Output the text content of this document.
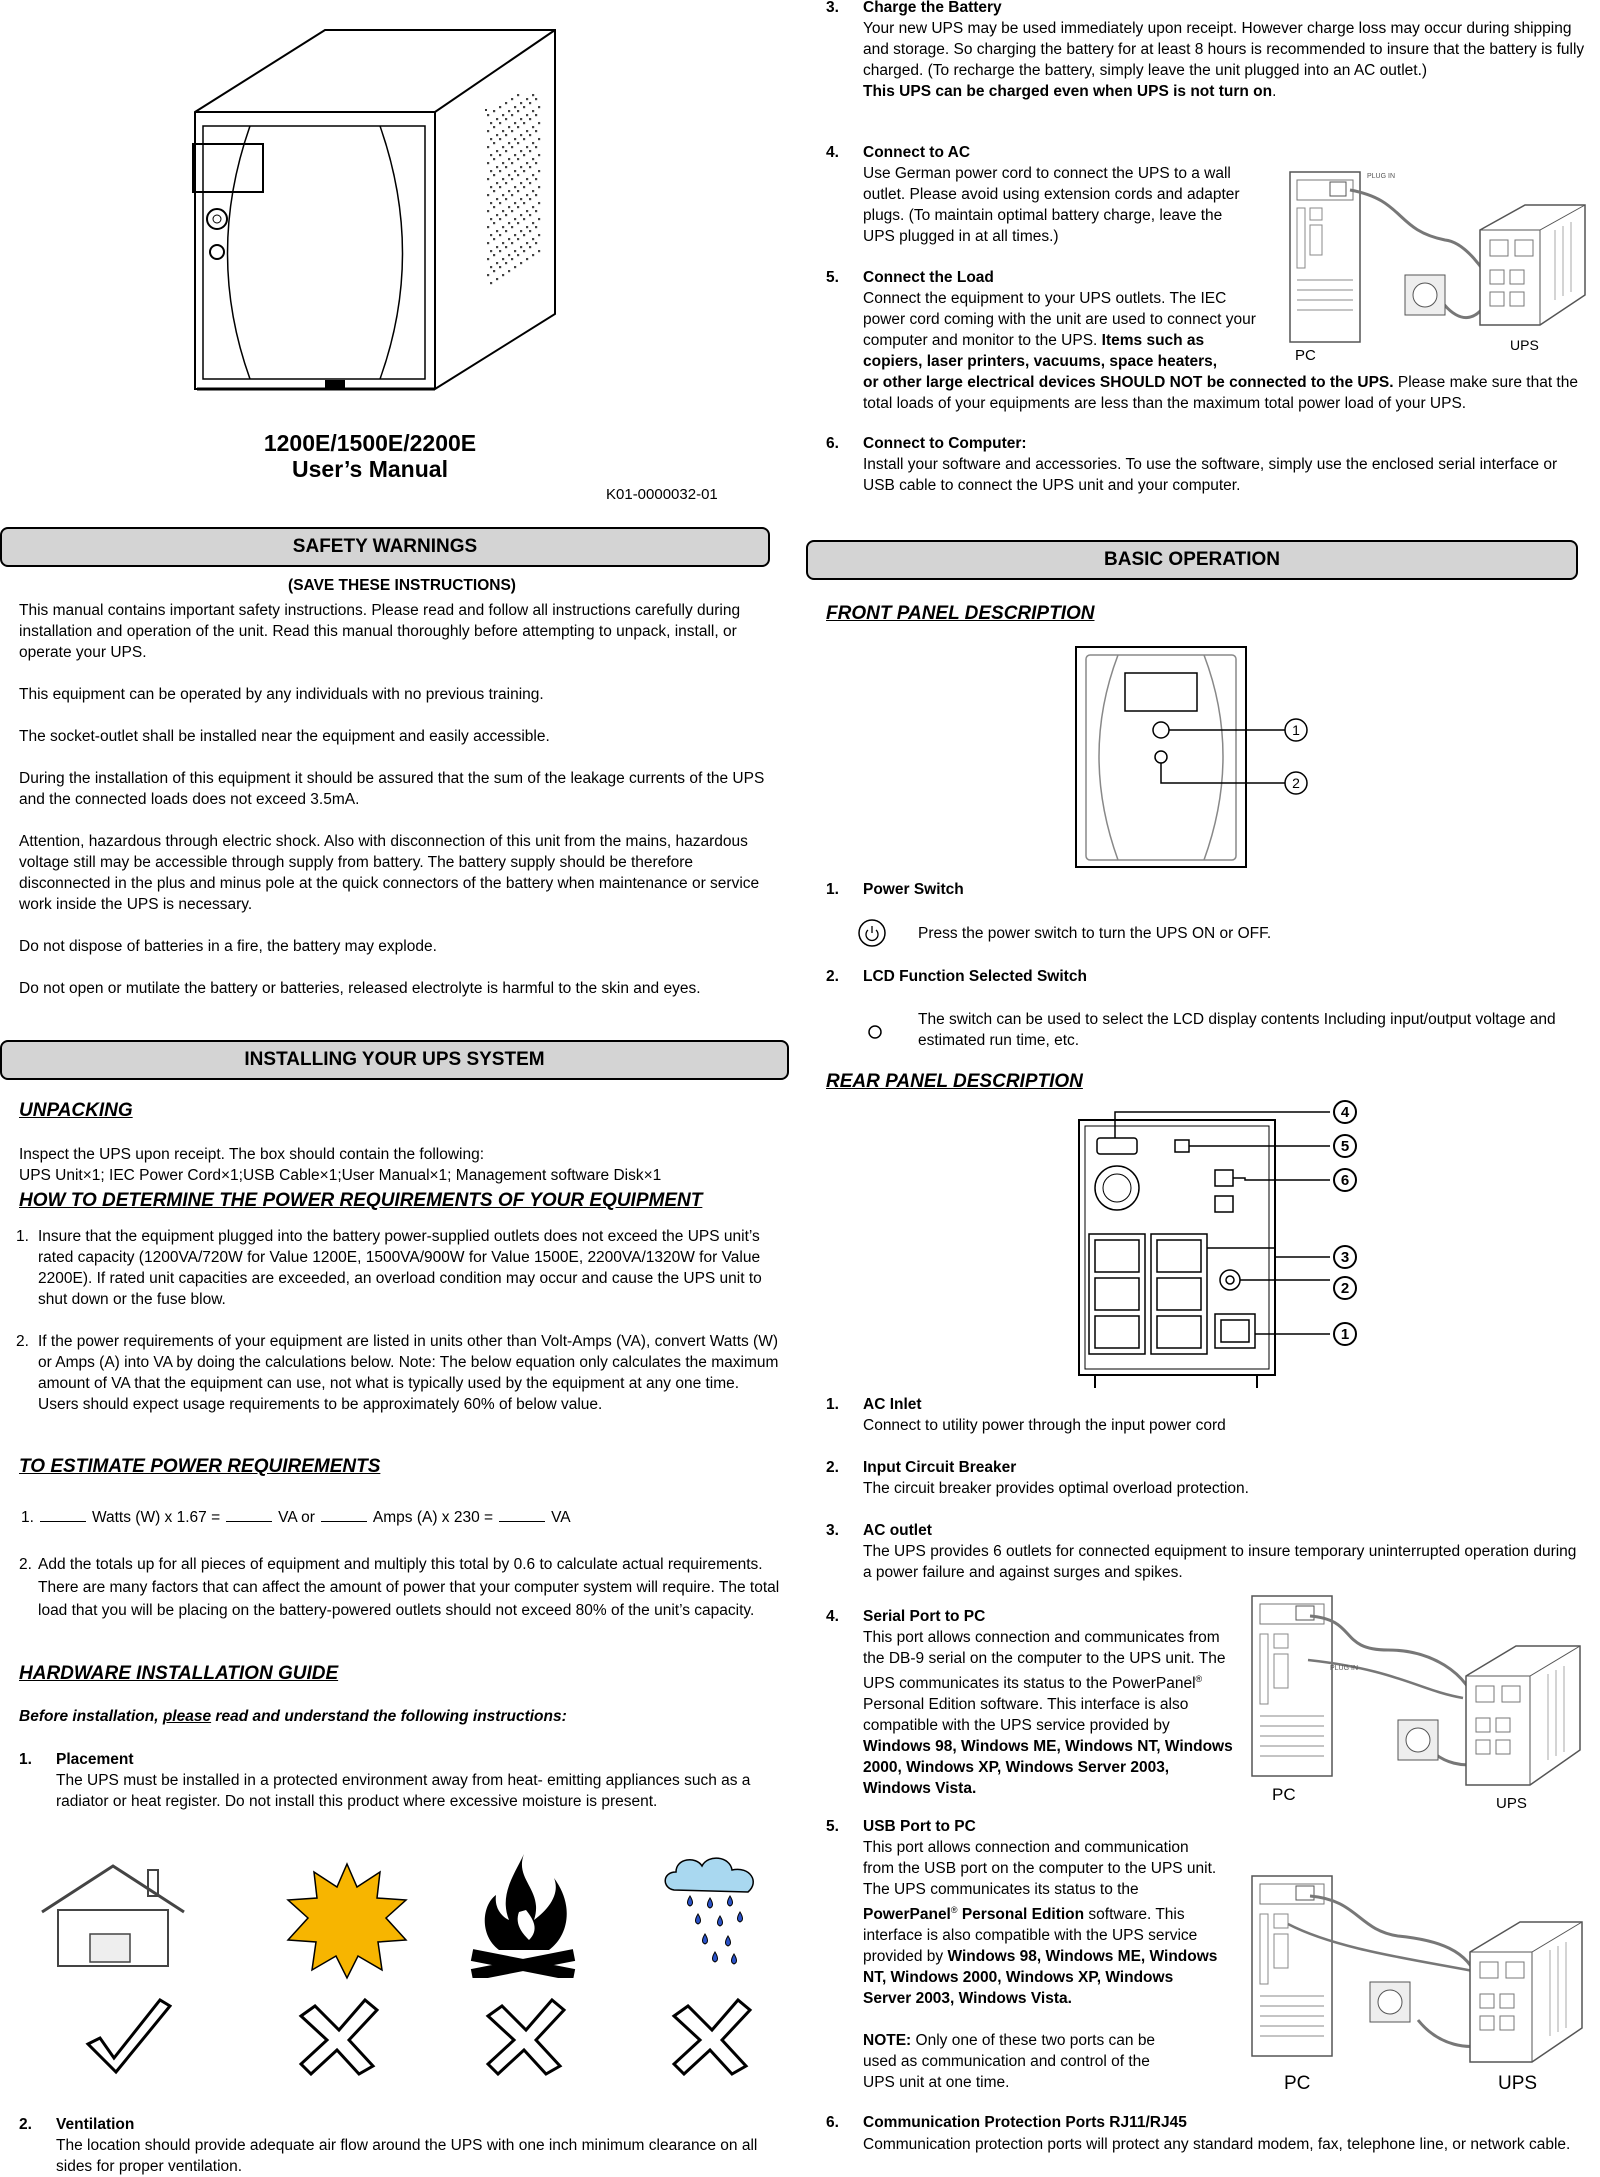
1200E/1500E/2200E
User’s Manual
K01-0000032-01
SAFETY WARNINGS
(SAVE THESE INSTRUCTIONS)

This manual contains important safety instructions. Please read and follow all instructions carefully during installation and operation of the unit. Read this manual thoroughly before attempting to unpack, install, or operate your UPS.

This equipment can be operated by any individuals with no previous training.

The socket-outlet shall be installed near the equipment and easily accessible.

During the installation of this equipment it should be assured that the sum of the leakage currents of the UPS and the connected loads does not exceed 3.5mA.

Attention, hazardous through electric shock. Also with disconnection of this unit from the mains, hazardous voltage still may be accessible through supply from battery. The battery supply should be therefore disconnected in the plus and minus pole at the quick connectors of the battery when maintenance or service work inside the UPS is necessary.

Do not dispose of batteries in a fire, the battery may explode.

Do not open or mutilate the battery or batteries, released electrolyte is harmful to the skin and eyes.

INSTALLING YOUR UPS SYSTEM
UNPACKING

Inspect the UPS upon receipt. The box should contain the following:

UPS Unit×1; IEC Power Cord×1;USB Cable×1;User Manual×1; Management software Disk×1

HOW TO DETERMINE THE POWER REQUIREMENTS OF YOUR EQUIPMENT
1. Insure that the equipment plugged into the battery power-supplied outlets does not exceed the UPS unit’s rated capacity (1200VA/720W for Value 1200E, 1500VA/900W for Value 1500E, 2200VA/1320W for Value 2200E). If rated unit capacities are exceeded, an overload condition may occur and cause the UPS unit to shut down or the fuse blow.

2. If the power requirements of your equipment are listed in units other than Volt-Amps (VA), convert Watts (W) or Amps (A) into VA by doing the calculations below. Note: The below equation only calculates the maximum amount of VA that the equipment can use, not what is typically used by the equipment at any one time. Users should expect usage requirements to be approximately 60% of below value.

TO ESTIMATE POWER REQUIREMENTS
1.	Watts (W) x 1.67 =	VA or	Amps (A) x 230 =	VA
2. Add the totals up for all pieces of equipment and multiply this total by 0.6 to calculate actual requirements. There are many factors that can affect the amount of power that your computer system will require. The total load that you will be placing on the battery-powered outlets should not exceed 80% of the unit’s capacity.

HARDWARE INSTALLATION GUIDE
Before installation, please read and understand the following instructions:
1. Placement

The UPS must be installed in a protected environment away from heat- emitting appliances such as a radiator or heat register. Do not install this product where excessive moisture is present.

2. Ventilation

The location should provide adequate air flow around the UPS with one inch minimum clearance on all sides for proper ventilation.

3. Charge the Battery

Your new UPS may be used immediately upon receipt. However charge loss may occur during shipping and storage. So charging the battery for at least 8 hours is recommended to insure that the battery is fully charged. (To recharge the battery, simply leave the unit plugged into an AC outlet.)

This UPS can be charged even when UPS is not turn on.

4. Connect to AC

Use German power cord to connect the UPS to a wall outlet. Please avoid using extension cords and adapter plugs. (To maintain optimal battery charge, leave the UPS plugged in at all times.)

5. Connect the Load

Connect the equipment to your UPS outlets. The IEC power cord coming with the unit are used to connect your computer and monitor to the UPS. Items such as copiers, laser printers, vacuums, space heaters,

or other large electrical devices SHOULD NOT be connected to the UPS. Please make sure that the total loads of your equipments are less than the maximum total power load of your UPS.

PLUG IN
PC
UPS
6. Connect to Computer:

Install your software and accessories. To use the software, simply use the enclosed serial interface or USB cable to connect the UPS unit and your computer.

BASIC OPERATION
FRONT PANEL DESCRIPTION
1
2
1. Power Switch
Press the power switch to turn the UPS ON or OFF.
2. LCD Function Selected Switch
The switch can be used to select the LCD display contents Including input/output voltage and estimated run time, etc.
REAR PANEL DESCRIPTION
4
5
6
3
2
1
1. AC Inlet

Connect to utility power through the input power cord

2. Input Circuit Breaker

The circuit breaker provides optimal overload protection.

3. AC outlet

The UPS provides 6 outlets for connected equipment to insure temporary uninterrupted operation during a power failure and against surges and spikes.

4. Serial Port to PC

This port allows connection and communicates from the DB-9 serial on the computer to the UPS unit. The UPS communicates its status to the PowerPanel® Personal Edition software. This interface is also compatible with the UPS service provided by Windows 98, Windows ME, Windows NT, Windows 2000, Windows XP, Windows Server 2003, Windows Vista.

PLUG IN
PC	UPS
5. USB Port to PC

This port allows connection and communication from the USB port on the computer to the UPS unit. The UPS communicates its status to the PowerPanel® Personal Edition software. This interface is also compatible with the UPS service provided by Windows 98, Windows ME, Windows NT, Windows 2000, Windows XP, Windows Server 2003, Windows Vista.

NOTE: Only one of these two ports can be used as communication and control of the UPS unit at one time.	PC	UPS
6. Communication Protection Ports RJ11/RJ45

Communication protection ports will protect any standard modem, fax, telephone line, or network cable.
